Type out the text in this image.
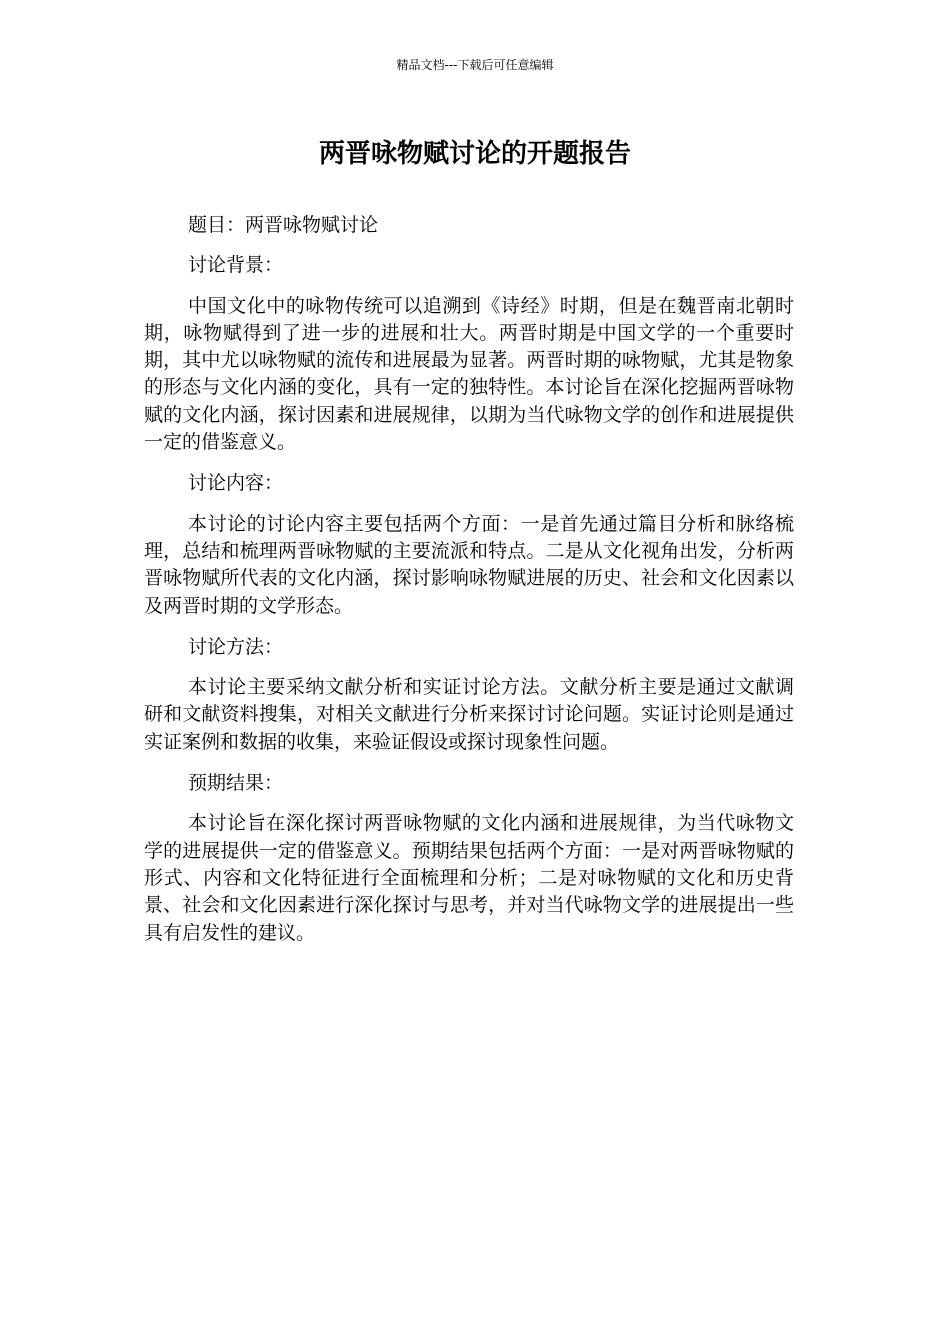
精品文档---下载后可任意编辑
两晋咏物赋讨论的开题报告

题目：两晋咏物赋讨论

讨论背景：

中国文化中的咏物传统可以追溯到《诗经》时期，但是在魏晋南北朝时期，咏物赋得到了进一步的进展和壮大。两晋时期是中国文学的一个重要时期，其中尤以咏物赋的流传和进展最为显著。两晋时期的咏物赋，尤其是物象的形态与文化内涵的变化，具有一定的独特性。本讨论旨在深化挖掘两晋咏物赋的文化内涵，探讨因素和进展规律，以期为当代咏物文学的创作和进展提供一定的借鉴意义。

讨论内容：

本讨论的讨论内容主要包括两个方面：一是首先通过篇目分析和脉络梳理，总结和梳理两晋咏物赋的主要流派和特点。二是从文化视角出发，分析两晋咏物赋所代表的文化内涵，探讨影响咏物赋进展的历史、社会和文化因素以及两晋时期的文学形态。

讨论方法：

本讨论主要采纳文献分析和实证讨论方法。文献分析主要是通过文献调研和文献资料搜集，对相关文献进行分析来探讨讨论问题。实证讨论则是通过实证案例和数据的收集，来验证假设或探讨现象性问题。

预期结果：

本讨论旨在深化探讨两晋咏物赋的文化内涵和进展规律，为当代咏物文学的进展提供一定的借鉴意义。预期结果包括两个方面：一是对两晋咏物赋的形式、内容和文化特征进行全面梳理和分析；二是对咏物赋的文化和历史背景、社会和文化因素进行深化探讨与思考，并对当代咏物文学的进展提出一些具有启发性的建议。
